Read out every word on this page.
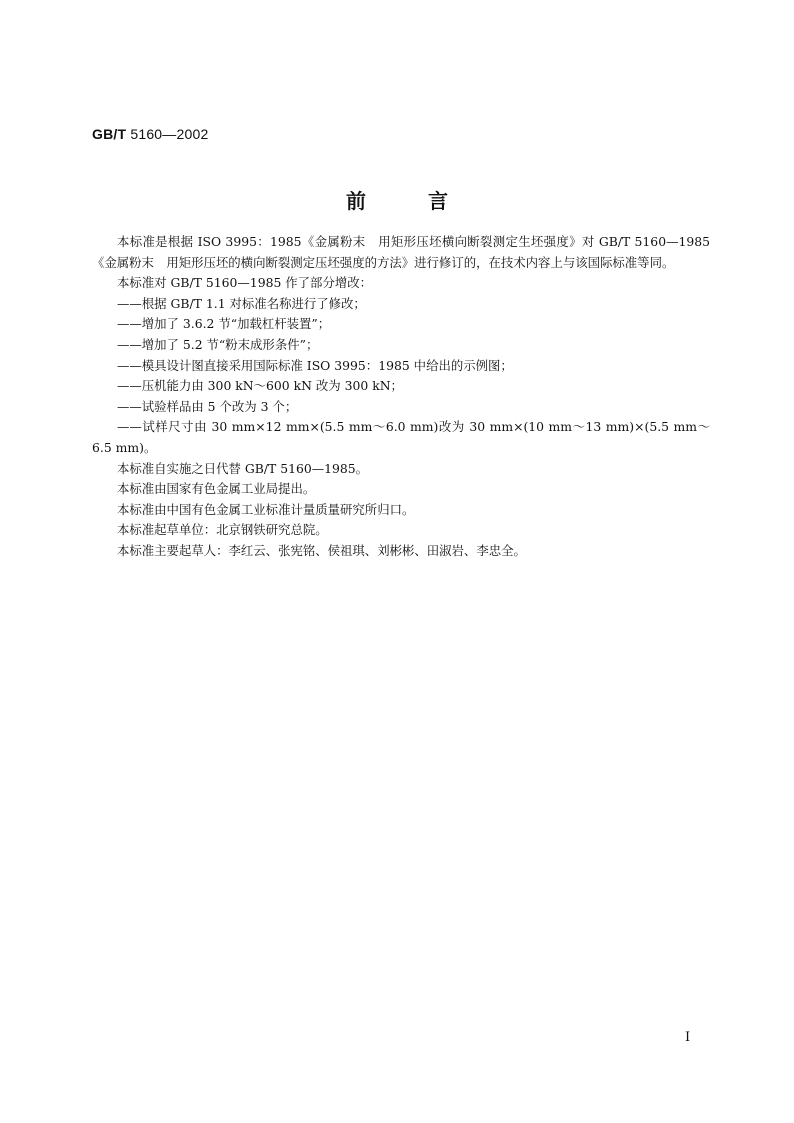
GB/T 5160—2002
前言

本标准是根据 ISO 3995：1985《金属粉末　用矩形压坯横向断裂测定生坯强度》对 GB/T 5160—1985《金属粉末　用矩形压坯的横向断裂测定压坯强度的方法》进行修订的，在技术内容上与该国际标准等同。

本标准对 GB/T 5160—1985 作了部分增改：

——根据 GB/T 1.1 对标准名称进行了修改；

——增加了 3.6.2 节“加载杠杆装置”；

——增加了 5.2 节“粉末成形条件”；

——模具设计图直接采用国际标准 ISO 3995：1985 中给出的示例图；

——压机能力由 300 kN～600 kN 改为 300 kN；

——试验样品由 5 个改为 3 个；

——试样尺寸由 30 mm×12 mm×(5.5 mm～6.0 mm)改为 30 mm×(10 mm～13 mm)×(5.5 mm～6.5 mm)。

本标准自实施之日代替 GB/T 5160—1985。

本标准由国家有色金属工业局提出。

本标准由中国有色金属工业标准计量质量研究所归口。

本标准起草单位：北京钢铁研究总院。

本标准主要起草人：李红云、张宪铭、侯祖琪、刘彬彬、田淑岩、李忠全。

I
